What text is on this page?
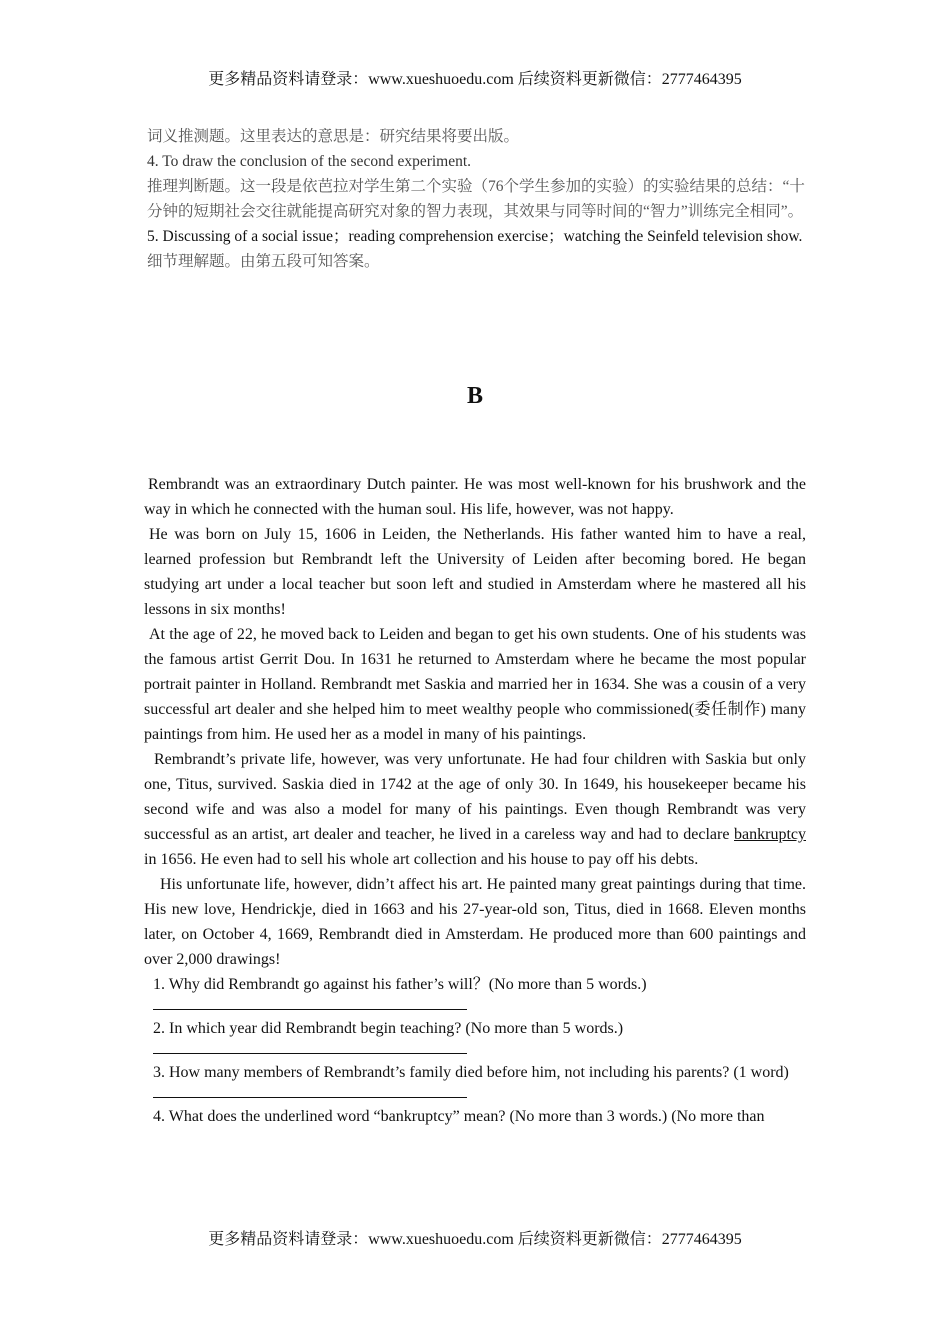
更多精品资料请登录：www.xueshuoedu.com 后续资料更新微信：2777464395
词义推测题。这里表达的意思是：研究结果将要出版。
4. To draw the conclusion of the second experiment.
推理判断题。这一段是依芭拉对学生第二个实验（76个学生参加的实验）的实验结果的总结：“十分钟的短期社会交往就能提高研究对象的智力表现，其效果与同等时间的“智力”训练完全相同”。
5. Discussing of a social issue；reading comprehension exercise；watching the Seinfeld television show.
细节理解题。由第五段可知答案。
B

Rembrandt was an extraordinary Dutch painter. He was most well-known for his brushwork and the way in which he connected with the human soul. His life, however, was not happy.

He was born on July 15, 1606 in Leiden, the Netherlands. His father wanted him to have a real, learned profession but Rembrandt left the University of Leiden after becoming bored. He began studying art under a local teacher but soon left and studied in Amsterdam where he mastered all his lessons in six months!

At the age of 22, he moved back to Leiden and began to get his own students. One of his students was the famous artist Gerrit Dou. In 1631 he returned to Amsterdam where he became the most popular portrait painter in Holland. Rembrandt met Saskia and married her in 1634. She was a cousin of a very successful art dealer and she helped him to meet wealthy people who commissioned(委任制作) many paintings from him. He used her as a model in many of his paintings.

Rembrandt’s private life, however, was very unfortunate. He had four children with Saskia but only one, Titus, survived. Saskia died in 1742 at the age of only 30. In 1649, his housekeeper became his second wife and was also a model for many of his paintings. Even though Rembrandt was very successful as an artist, art dealer and teacher, he lived in a careless way and had to declare bankruptcy in 1656. He even had to sell his whole art collection and his house to pay off his debts.

His unfortunate life, however, didn’t affect his art. He painted many great paintings during that time. His new love, Hendrickje, died in 1663 and his 27-year-old son, Titus, died in 1668. Eleven months later, on October 4, 1669, Rembrandt died in Amsterdam. He produced more than 600 paintings and over 2,000 drawings!

1. Why did Rembrandt go against his father’s will？(No more than 5 words.)
2. In which year did Rembrandt begin teaching? (No more than 5 words.)
3. How many members of Rembrandt’s family died before him, not including his parents? (1 word)
4. What does the underlined word “bankruptcy” mean? (No more than 3 words.) (No more than
更多精品资料请登录：www.xueshuoedu.com 后续资料更新微信：2777464395
